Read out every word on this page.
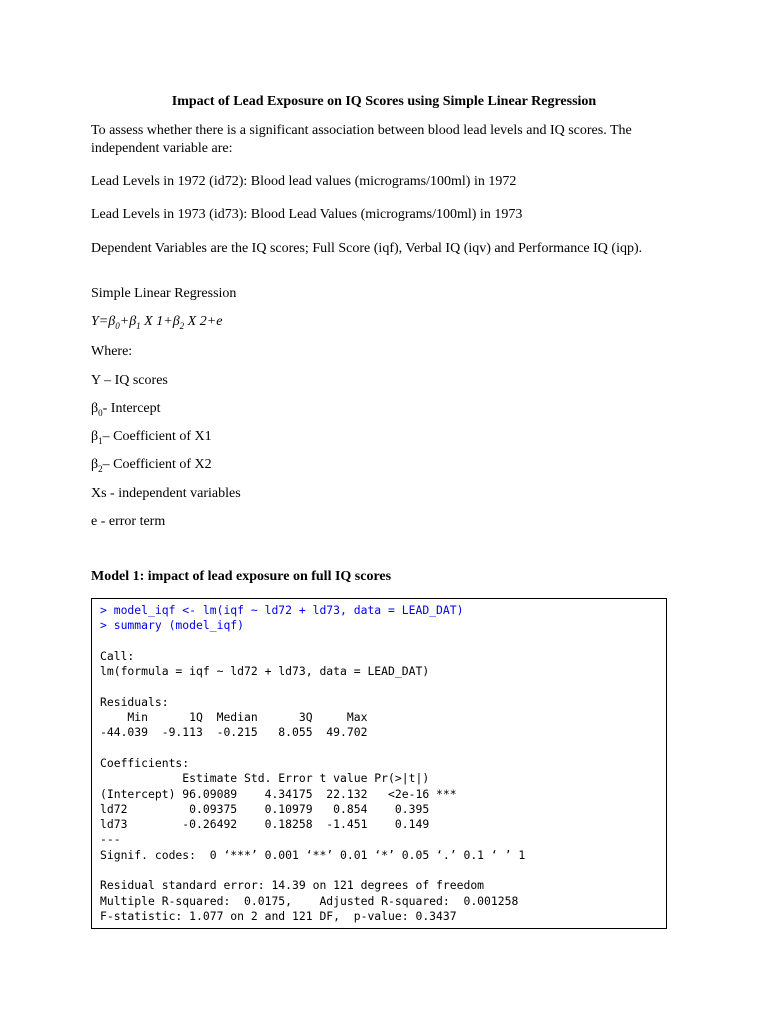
Impact of Lead Exposure on IQ Scores using Simple Linear Regression
To assess whether there is a significant association between blood lead levels and IQ scores. The independent variable are:
Lead Levels in 1972 (id72): Blood lead values (micrograms/100ml) in 1972
Lead Levels in 1973 (id73): Blood Lead Values (micrograms/100ml) in 1973
Dependent Variables are the IQ scores; Full Score (iqf), Verbal IQ (iqv) and Performance IQ (iqp).
Simple Linear Regression
$Y=\beta_0+\beta_1$ X $1+\beta_2$ X 2+e
Where:
Y – IQ scores
$\beta_0-$ Intercept
$\beta_1-$ Coefficient of X1
$\beta_2-$ Coefficient of X2
Xs - independent variables
e - error term
Model 1: impact of lead exposure on full IQ scores
> model_iqf <- lm(iqf ~ ld72 + ld73, data = LEAD_DAT)
> summary (model_iqf)
Call:
lm(formula = iqf ~ ld72 + ld73, data = LEAD_DAT)
Residuals:
Min      1Q  Median      3Q     Max
-44.039  -9.113  -0.215   8.055  49.702
Coefficients:
Estimate Std. Error t value Pr(>|t|)
(Intercept) 96.09089    4.34175  22.132   <2e-16 ***
ld72         0.09375    0.10979   0.854    0.395
ld73        -0.26492    0.18258  -1.451    0.149
---
Signif. codes:  0 ‘***’ 0.001 ‘**’ 0.01 ‘*’ 0.05 ‘.’ 0.1 ‘ ’ 1
Residual standard error: 14.39 on 121 degrees of freedom
Multiple R-squared:  0.0175,	Adjusted R-squared:  0.001258
F-statistic: 1.077 on 2 and 121 DF,  p-value: 0.3437
